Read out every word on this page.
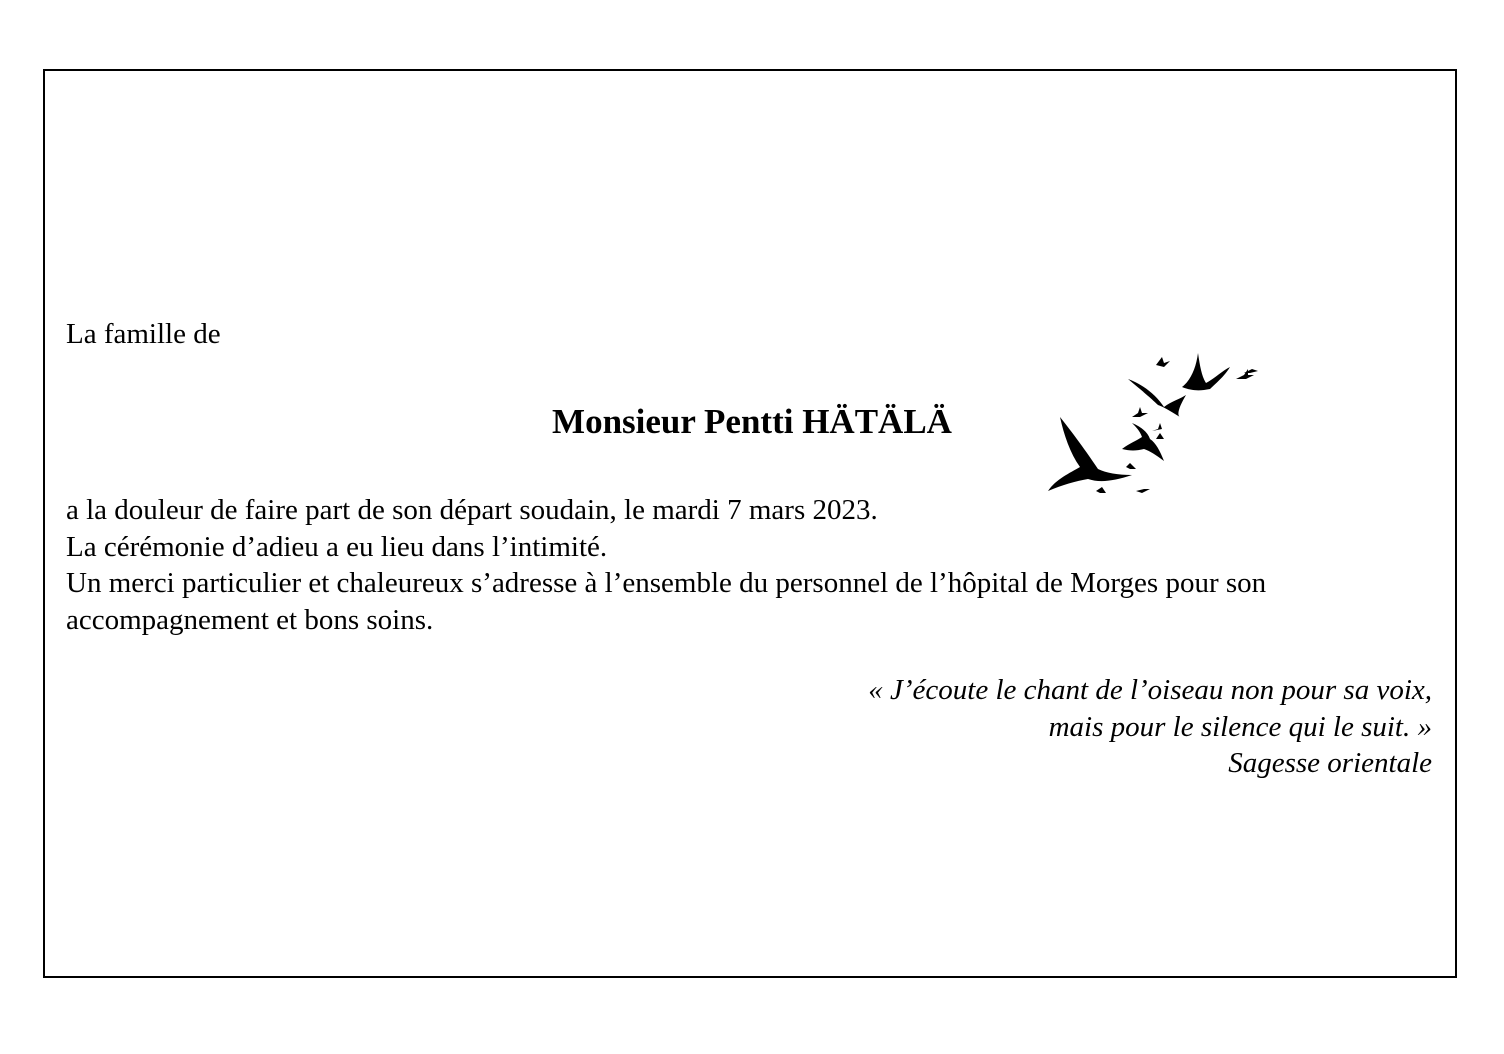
La famille de

Monsieur Pentti HÄTÄLÄ

a la douleur de faire part de son départ soudain, le mardi 7 mars 2023.

La cérémonie d’adieu a eu lieu dans l’intimité.

Un merci particulier et chaleureux s’adresse à l’ensemble du personnel de l’hôpital de Morges pour son

accompagnement et bons soins.

« J’écoute le chant de l’oiseau non pour sa voix,
mais pour le silence qui le suit. »
Sagesse orientale
